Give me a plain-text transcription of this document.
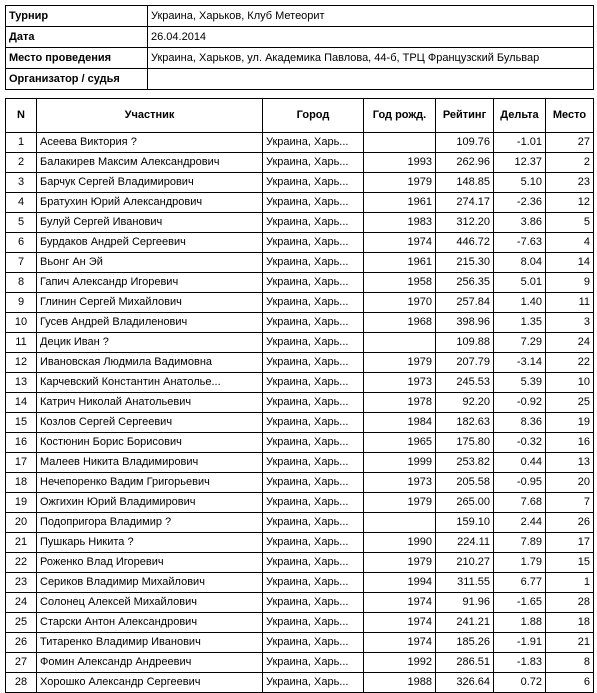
Турнир	Украина, Харьков, Клуб Метеорит
Дата	26.04.2014
Место проведения	Украина, Харьков, ул. Академика Павлова, 44-б, ТРЦ Французский Бульвар
Организатор / судья	
N	Участник	Город	Год рожд.	Рейтинг	Дельта	Место
1	Асеева Виктория ?	Украина, Харь...		109.76	-1.01	27
2	Балакирев Максим Александрович	Украина, Харь...	1993	262.96	12.37	2
3	Барчук Сергей Владимирович	Украина, Харь...	1979	148.85	5.10	23
4	Братухин Юрий Александрович	Украина, Харь...	1961	274.17	-2.36	12
5	Булуй Сергей Иванович	Украина, Харь...	1983	312.20	3.86	5
6	Бурдаков Андрей Сергеевич	Украина, Харь...	1974	446.72	-7.63	4
7	Вьонг Ан Эй	Украина, Харь...	1961	215.30	8.04	14
8	Гапич Александр Игоревич	Украина, Харь...	1958	256.35	5.01	9
9	Глинин Сергей Михайлович	Украина, Харь...	1970	257.84	1.40	11
10	Гусев Андрей Владиленович	Украина, Харь...	1968	398.96	1.35	3
11	Децик Иван ?	Украина, Харь...		109.88	7.29	24
12	Ивановская Людмила Вадимовна	Украина, Харь...	1979	207.79	-3.14	22
13	Карчевский Константин Анатолье...	Украина, Харь...	1973	245.53	5.39	10
14	Катрич Николай Анатольевич	Украина, Харь...	1978	92.20	-0.92	25
15	Козлов Сергей Сергеевич	Украина, Харь...	1984	182.63	8.36	19
16	Костюнин Борис Борисович	Украина, Харь...	1965	175.80	-0.32	16
17	Малеев Никита Владимирович	Украина, Харь...	1999	253.82	0.44	13
18	Нечепоренко Вадим Григорьевич	Украина, Харь...	1973	205.58	-0.95	20
19	Ожгихин Юрий Владимирович	Украина, Харь...	1979	265.00	7.68	7
20	Подопригора Владимир ?	Украина, Харь...		159.10	2.44	26
21	Пушкарь Никита ?	Украина, Харь...	1990	224.11	7.89	17
22	Роженко Влад Игоревич	Украина, Харь...	1979	210.27	1.79	15
23	Сериков Владимир Михайлович	Украина, Харь...	1994	311.55	6.77	1
24	Солонец Алексей Михайлович	Украина, Харь...	1974	91.96	-1.65	28
25	Старски Антон Александрович	Украина, Харь...	1974	241.21	1.88	18
26	Титаренко Владимир Иванович	Украина, Харь...	1974	185.26	-1.91	21
27	Фомин Александр Андреевич	Украина, Харь...	1992	286.51	-1.83	8
28	Хорошко Александр Сергеевич	Украина, Харь...	1988	326.64	0.72	6
